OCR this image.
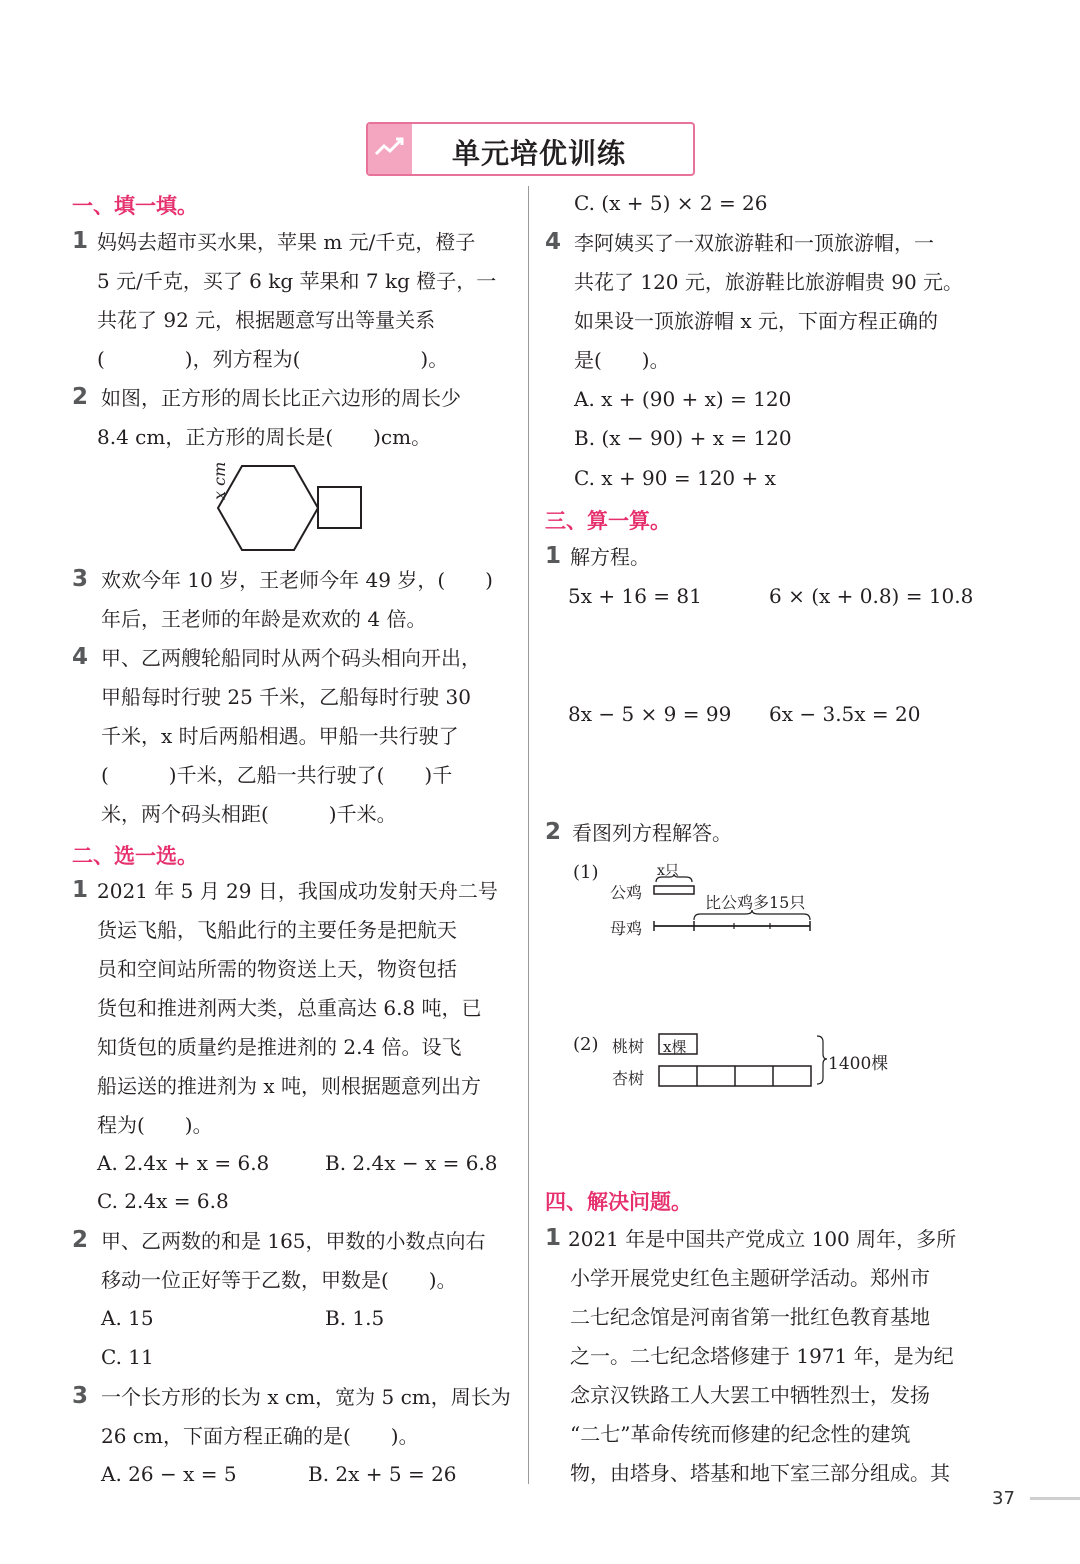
单元培优训练
一、填一填。
1 妈妈去超市买水果，苹果 m 元/千克，橙子
5 元/千克，买了 6 kg 苹果和 7 kg 橙子，一
共花了 92 元，根据题意写出等量关系
(　　　　)，列方程为(　　　　　　)。
2 如图，正方形的周长比正六边形的周长少
8.4 cm，正方形的周长是(　　)cm。
x cm
3 欢欢今年 10 岁，王老师今年 49 岁，(　　)
年后，王老师的年龄是欢欢的 4 倍。
4 甲、乙两艘轮船同时从两个码头相向开出，
甲船每时行驶 25 千米，乙船每时行驶 30
千米，x 时后两船相遇。甲船一共行驶了
(　　　)千米，乙船一共行驶了(　　)千
米，两个码头相距(　　　)千米。
二、选一选。
1 2021 年 5 月 29 日，我国成功发射天舟二号
货运飞船，飞船此行的主要任务是把航天
员和空间站所需的物资送上天，物资包括
货包和推进剂两大类，总重高达 6.8 吨，已
知货包的质量约是推进剂的 2.4 倍。设飞
船运送的推进剂为 x 吨，则根据题意列出方
程为(　　)。
A. 2.4x + x = 6.8	B. 2.4x − x = 6.8
C. 2.4x = 6.8
2 甲、乙两数的和是 165，甲数的小数点向右
移动一位正好等于乙数，甲数是(　　)。
A. 15	B. 1.5
C. 11
3 一个长方形的长为 x cm，宽为 5 cm，周长为
26 cm，下面方程正确的是(　　)。
A. 26 − x = 5	B. 2x + 5 = 26
C. (x + 5) × 2 = 26
4 李阿姨买了一双旅游鞋和一顶旅游帽，一
共花了 120 元，旅游鞋比旅游帽贵 90 元。
如果设一顶旅游帽 x 元，下面方程正确的
是(　　)。
A. x + (90 + x) = 120
B. (x − 90) + x = 120
C. x + 90 = 120 + x
三、算一算。
1 解方程。
5x + 16 = 81	6 × (x + 0.8) = 10.8
8x − 5 × 9 = 99 6x − 3.5x = 20
2 看图列方程解答。
(1)
公鸡
母鸡
x只
比公鸡多15只
(2) 桃树
杏树
x棵
1400棵
四、解决问题。
1 2021 年是中国共产党成立 100 周年，多所
小学开展党史红色主题研学活动。郑州市
二七纪念馆是河南省第一批红色教育基地
之一。二七纪念塔修建于 1971 年，是为纪
念京汉铁路工人大罢工中牺牲烈士，发扬
“二七”革命传统而修建的纪念性的建筑
物，由塔身、塔基和地下室三部分组成。其
37
